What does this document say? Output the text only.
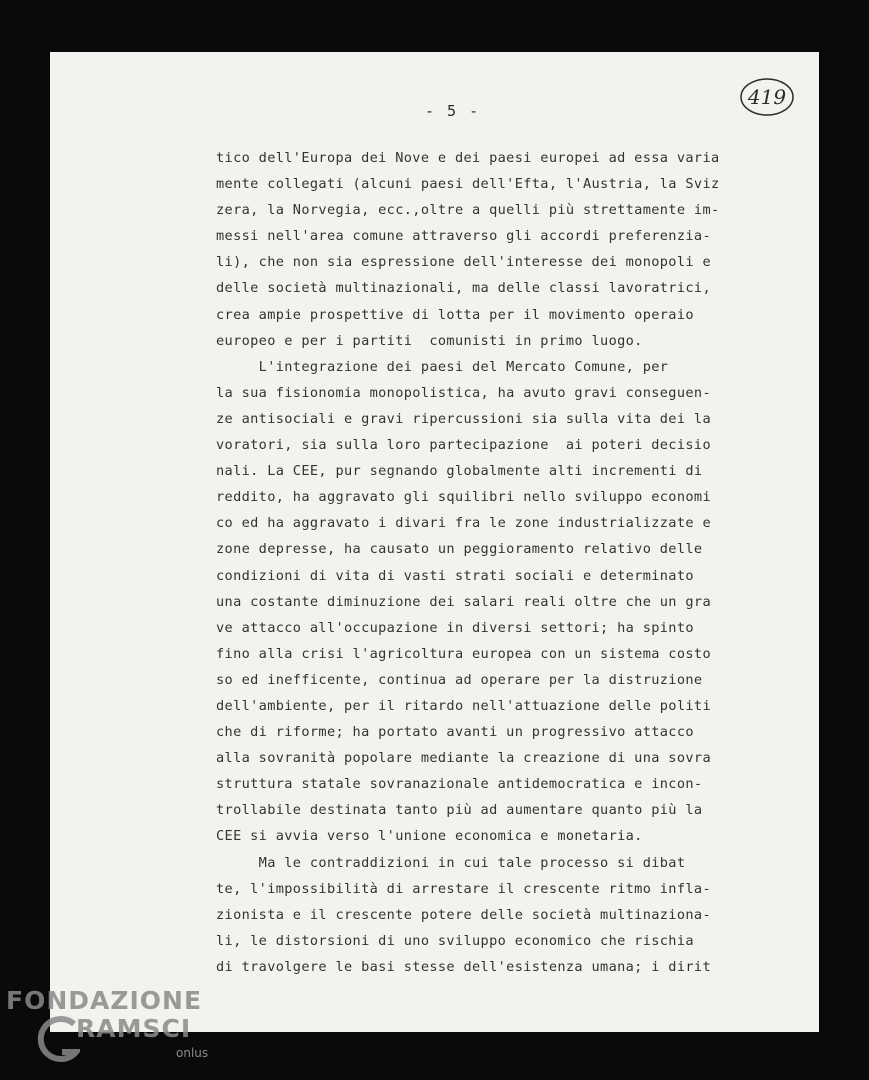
- 5 -
419
tico dell'Europa dei Nove e dei paesi europei ad essa varia
mente collegati (alcuni paesi dell'Efta, l'Austria, la Sviz
zera, la Norvegia, ecc.,oltre a quelli più strettamente im-
messi nell'area comune attraverso gli accordi preferenzia-
li), che non sia espressione dell'interesse dei monopoli e
delle società multinazionali, ma delle classi lavoratrici,
crea ampie prospettive di lotta per il movimento operaio
europeo e per i partiti  comunisti in primo luogo.
L'integrazione dei paesi del Mercato Comune, per
la sua fisionomia monopolistica, ha avuto gravi conseguen-
ze antisociali e gravi ripercussioni sia sulla vita dei la
voratori, sia sulla loro partecipazione  ai poteri decisio
nali. La CEE, pur segnando globalmente alti incrementi di
reddito, ha aggravato gli squilibri nello sviluppo economi
co ed ha aggravato i divari fra le zone industrializzate e
zone depresse, ha causato un peggioramento relativo delle
condizioni di vita di vasti strati sociali e determinato
una costante diminuzione dei salari reali oltre che un gra
ve attacco all'occupazione in diversi settori; ha spinto
fino alla crisi l'agricoltura europea con un sistema costo
so ed inefficente, continua ad operare per la distruzione
dell'ambiente, per il ritardo nell'attuazione delle politi
che di riforme; ha portato avanti un progressivo attacco
alla sovranità popolare mediante la creazione di una sovra
struttura statale sovranazionale antidemocratica e incon-
trollabile destinata tanto più ad aumentare quanto più la
CEE si avvia verso l'unione economica e monetaria.
Ma le contraddizioni in cui tale processo si dibat
te, l'impossibilità di arrestare il crescente ritmo infla-
zionista e il crescente potere delle società multinaziona-
li, le distorsioni di uno sviluppo economico che rischia
di travolgere le basi stesse dell'esistenza umana; i dirit
FONDAZIONE
RAMSCI
onlus
